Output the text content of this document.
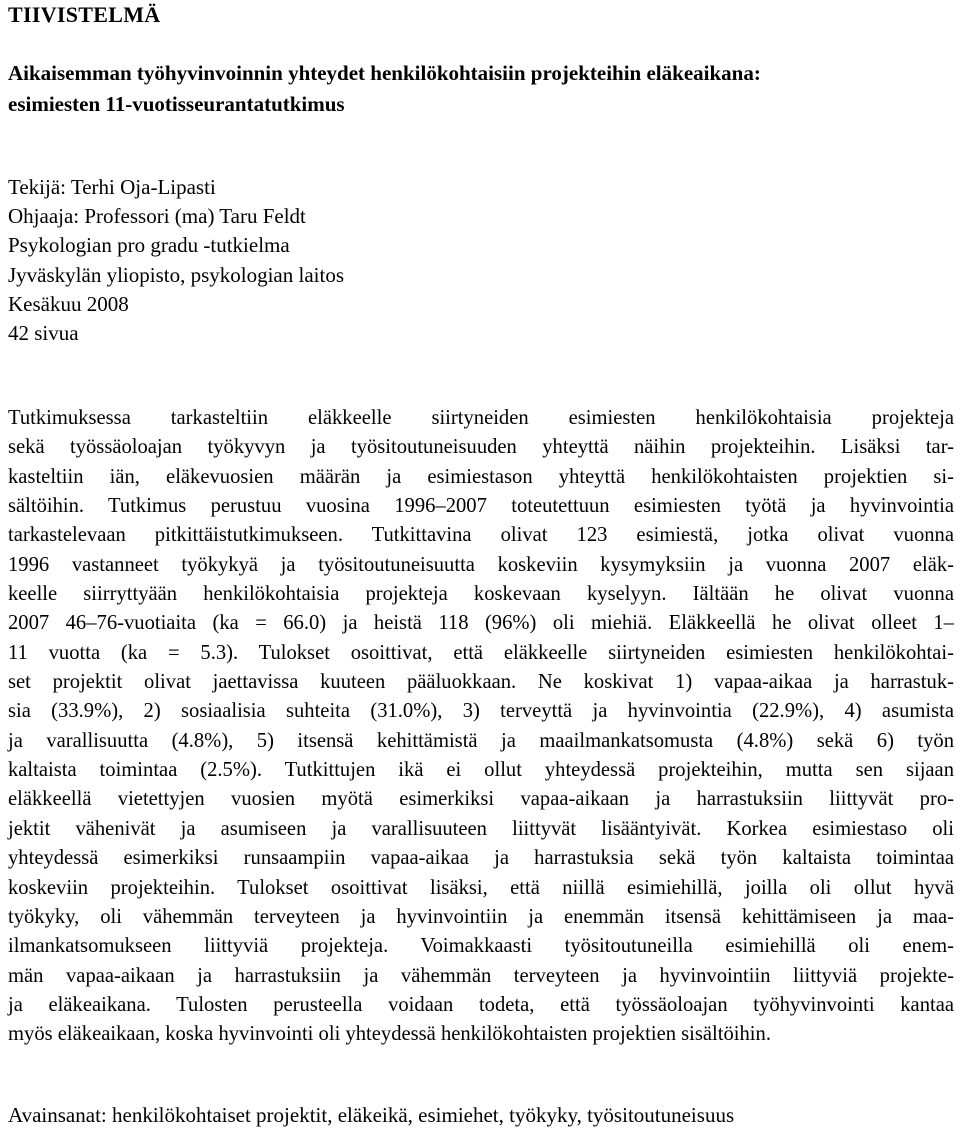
TIIVISTELMÄ
Aikaisemman työhyvinvoinnin yhteydet henkilökohtaisiin projekteihin eläkeaikana:
esimiesten 11-vuotisseurantatutkimus
Tekijä: Terhi Oja-Lipasti
Ohjaaja: Professori (ma) Taru Feldt
Psykologian pro gradu -tutkielma
Jyväskylän yliopisto, psykologian laitos
Kesäkuu 2008
42 sivua
Tutkimuksessa tarkasteltiin eläkkeelle siirtyneiden esimiesten henkilökohtaisia projekteja
sekä työssäoloajan työkyvyn ja työsitoutuneisuuden yhteyttä näihin projekteihin. Lisäksi tar-
kasteltiin iän, eläkevuosien määrän ja esimiestason yhteyttä henkilökohtaisten projektien si-
sältöihin. Tutkimus perustuu vuosina 1996–2007 toteutettuun esimiesten työtä ja hyvinvointia
tarkastelevaan pitkittäistutkimukseen. Tutkittavina olivat 123 esimiestä, jotka olivat vuonna
1996 vastanneet työkykyä ja työsitoutuneisuutta koskeviin kysymyksiin ja vuonna 2007 eläk-
keelle siirryttyään henkilökohtaisia projekteja koskevaan kyselyyn. Iältään he olivat vuonna
2007 46–76-vuotiaita (ka = 66.0) ja heistä 118 (96%) oli miehiä. Eläkkeellä he olivat olleet 1–
11 vuotta (ka = 5.3). Tulokset osoittivat, että eläkkeelle siirtyneiden esimiesten henkilökohtai-
set projektit olivat jaettavissa kuuteen pääluokkaan. Ne koskivat 1) vapaa-aikaa ja harrastuk-
sia (33.9%), 2) sosiaalisia suhteita (31.0%), 3) terveyttä ja hyvinvointia (22.9%), 4) asumista
ja varallisuutta (4.8%), 5) itsensä kehittämistä ja maailmankatsomusta (4.8%) sekä 6) työn
kaltaista toimintaa (2.5%). Tutkittujen ikä ei ollut yhteydessä projekteihin, mutta sen sijaan
eläkkeellä vietettyjen vuosien myötä esimerkiksi vapaa-aikaan ja harrastuksiin liittyvät pro-
jektit vähenivät ja asumiseen ja varallisuuteen liittyvät lisääntyivät. Korkea esimiestaso oli
yhteydessä esimerkiksi runsaampiin vapaa-aikaa ja harrastuksia sekä työn kaltaista toimintaa
koskeviin projekteihin. Tulokset osoittivat lisäksi, että niillä esimiehillä, joilla oli ollut hyvä
työkyky, oli vähemmän terveyteen ja hyvinvointiin ja enemmän itsensä kehittämiseen ja maa-
ilmankatsomukseen liittyviä projekteja. Voimakkaasti työsitoutuneilla esimiehillä oli enem-
män vapaa-aikaan ja harrastuksiin ja vähemmän terveyteen ja hyvinvointiin liittyviä projekte-
ja eläkeaikana. Tulosten perusteella voidaan todeta, että työssäoloajan työhyvinvointi kantaa
myös eläkeaikaan, koska hyvinvointi oli yhteydessä henkilökohtaisten projektien sisältöihin.

Avainsanat: henkilökohtaiset projektit, eläkeikä, esimiehet, työkyky, työsitoutuneisuus
